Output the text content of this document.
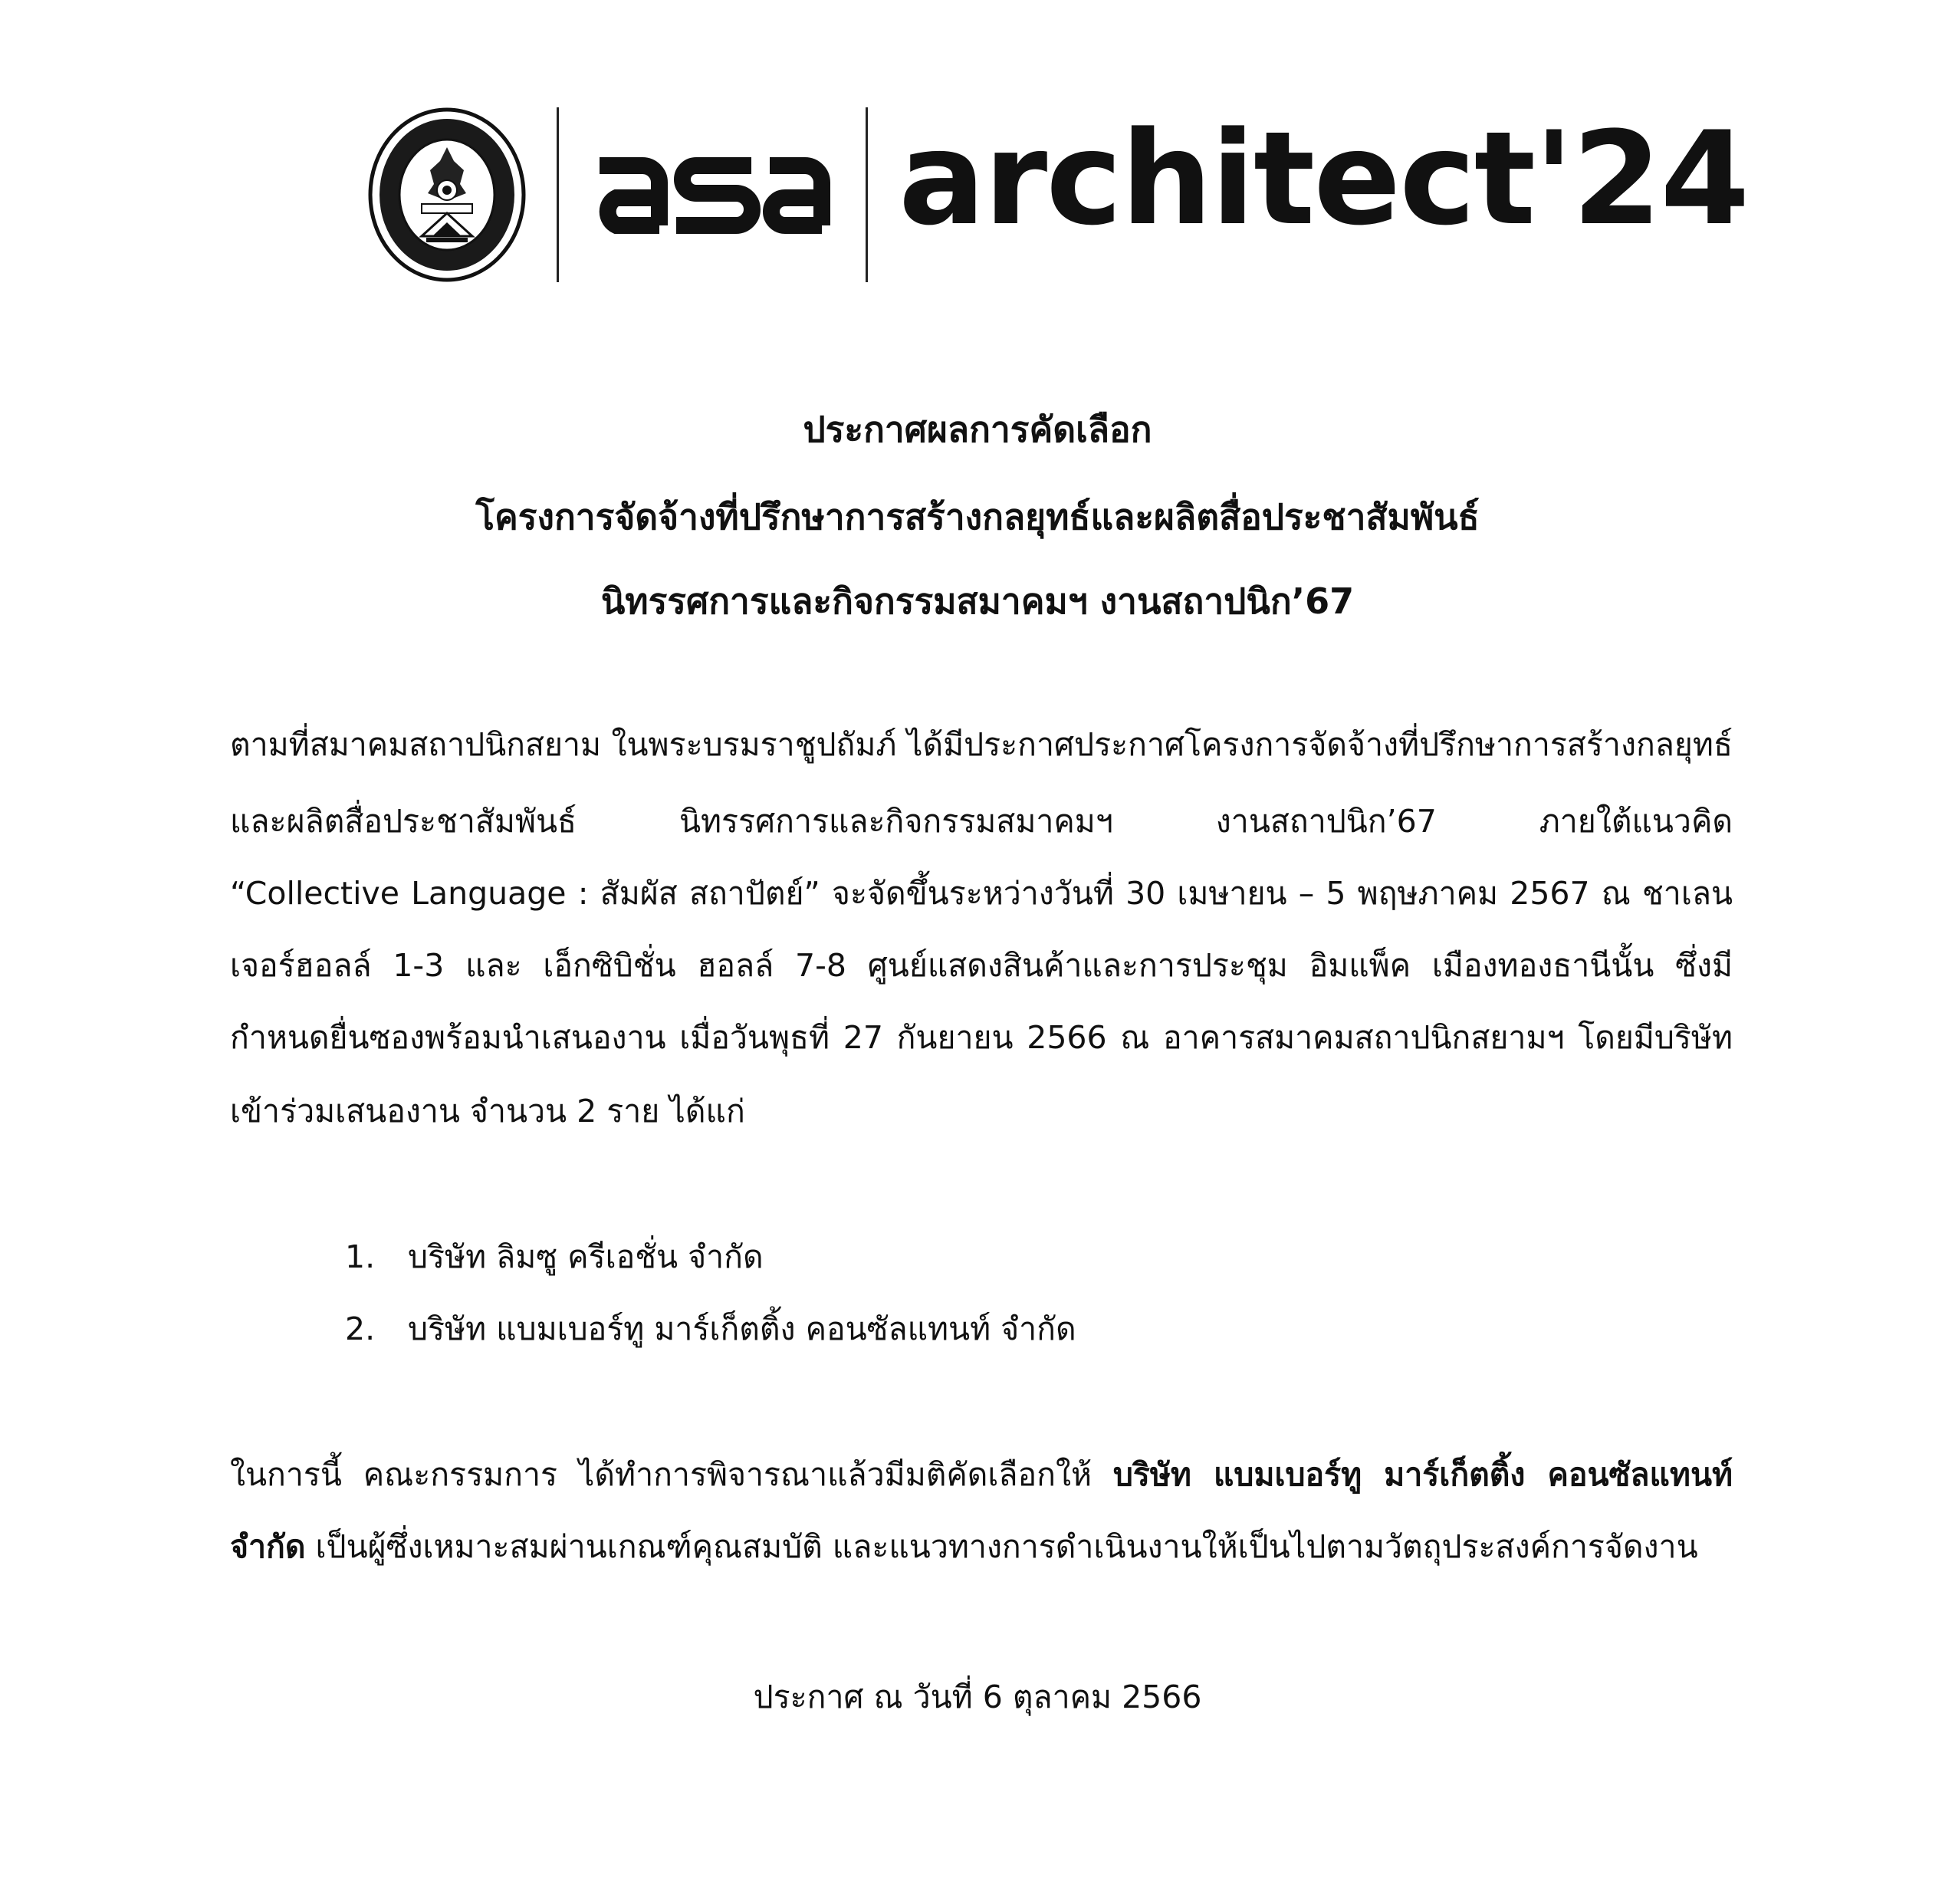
architect'24
ประกาศผลการคัดเลือก
โครงการจัดจ้างที่ปรึกษาการสร้างกลยุทธ์และผลิตสื่อประชาสัมพันธ์
นิทรรศการและกิจกรรมสมาคมฯ งานสถาปนิก’67
ตามที่สมาคมสถาปนิกสยาม ในพระบรมราชูปถัมภ์ ได้มีประกาศประกาศโครงการจัดจ้างที่ปรึกษาการสร้างกลยุทธ์
และผลิตสื่อประชาสัมพันธ์ นิทรรศการและกิจกรรมสมาคมฯ งานสถาปนิก’67 ภายใต้แนวคิด
“Collective Language : สัมผัส สถาปัตย์” จะจัดขึ้นระหว่างวันที่ 30 เมษายน – 5 พฤษภาคม 2567 ณ ชาเลน
เจอร์ฮอลล์ 1-3 และ เอ็กซิบิชั่น ฮอลล์ 7-8 ศูนย์แสดงสินค้าและการประชุม อิมแพ็ค เมืองทองธานีนั้น ซึ่งมี
กำหนดยื่นซองพร้อมนำเสนองาน เมื่อวันพุธที่ 27 กันยายน 2566 ณ อาคารสมาคมสถาปนิกสยามฯ โดยมีบริษัท
เข้าร่วมเสนองาน จำนวน 2 ราย ได้แก่
1. บริษัท ลิมซู ครีเอชั่น จำกัด
2. บริษัท แบมเบอร์ทู มาร์เก็ตติ้ง คอนซัลแทนท์ จำกัด
ในการนี้ คณะกรรมการ ได้ทำการพิจารณาแล้วมีมติคัดเลือกให้ บริษัท แบมเบอร์ทู มาร์เก็ตติ้ง คอนซัลแทนท์
จำกัด เป็นผู้ซึ่งเหมาะสมผ่านเกณฑ์คุณสมบัติ และแนวทางการดำเนินงานให้เป็นไปตามวัตถุประสงค์การจัดงาน
ประกาศ ณ วันที่ 6 ตุลาคม 2566
